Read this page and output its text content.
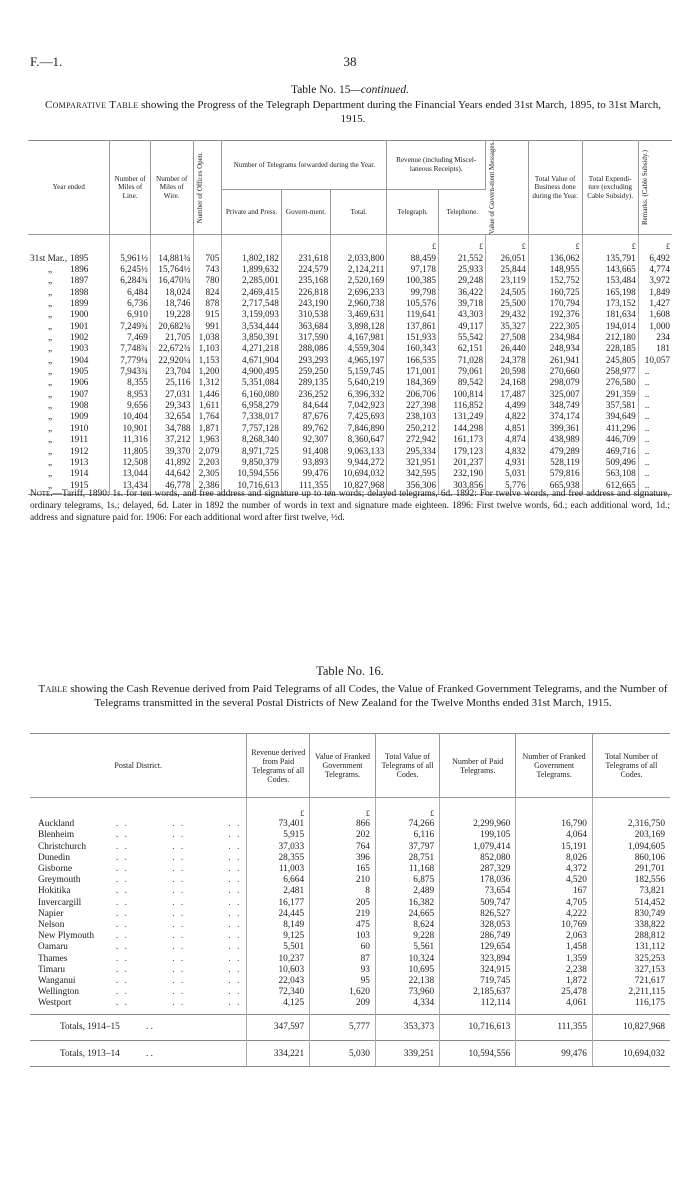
F.—1.	38
Table No. 15—continued.
Comparative Table showing the Progress of the Telegraph Department during the Financial Years ended 31st March, 1895, to 31st March, 1915.
Year ended	Number of Miles of Line.	Number of Miles of Wire.	Number of Offices Open.	Number of Telegrams forwarded during the Year.			Revenue (including Miscel-laneous Receipts).		Value of Govern-ment Messages.	Total Value of Business done during the Year.	Total Expendi-ture (excluding Cable Subsidy).	Remarks. (Cable Subsidy.)

				Private and Press.	Govern-ment.	Total.	Telegraph.	Telephone.				
							£	£	£	£	£	£
31st Mar., 1895	5,961½	14,881¾	705	1,802,182	231,618	2,033,800	88,459	21,552	26,051	136,062	135,791	6,492
„ 1896	6,245½	15,764½	743	1,899,632	224,579	2,124,211	97,178	25,933	25,844	148,955	143,665	4,774
„ 1897	6,284¾	16,470¾	780	2,285,001	235,168	2,520,169	100,385	29,248	23,119	152,752	153,484	3,972
„ 1898	6,484	18,024	824	2,469,415	226,818	2,696,233	99,798	36,422	24,505	160,725	165,198	1,849
„ 1899	6,736	18,746	878	2,717,548	243,190	2,960,738	105,576	39,718	25,500	170,794	173,152	1,427
„ 1900	6,910	19,228	915	3,159,093	310,538	3,469,631	119,641	43,303	29,432	192,376	181,634	1,608
„ 1901	7,249¾	20,682¾	991	3,534,444	363,684	3,898,128	137,861	49,117	35,327	222,305	194,014	1,000
„ 1902	7,469	21,705	1,038	3,850,391	317,590	4,167,981	151,933	55,542	27,508	234,984	212,180	234
„ 1903	7,748¾	22,672¾	1,103	4,271,218	288,086	4,559,304	160,343	62,151	26,440	248,934	228,185	181
„ 1904	7,779¼	22,920¼	1,153	4,671,904	293,293	4,965,197	166,535	71,028	24,378	261,941	245,805	10,057
„ 1905	7,943¾	23,704	1,200	4,900,495	259,250	5,159,745	171,001	79,061	20,598	270,660	258,977	..
„ 1906	8,355	25,116	1,312	5,351,084	289,135	5,640,219	184,369	89,542	24,168	298,079	276,580	..
„ 1907	8,953	27,031	1,446	6,160,080	236,252	6,396,332	206,706	100,814	17,487	325,007	291,359	..
„ 1908	9,656	29,343	1,611	6,958,279	84,644	7,042,923	227,398	116,852	4,499	348,749	357,581	..
„ 1909	10,404	32,654	1,764	7,338,017	87,676	7,425,693	238,103	131,249	4,822	374,174	394,649	..
„ 1910	10,901	34,788	1,871	7,757,128	89,762	7,846,890	250,212	144,298	4,851	399,361	411,296	..
„ 1911	11,316	37,212	1,963	8,268,340	92,307	8,360,647	272,942	161,173	4,874	438,989	446,709	..
„ 1912	11,805	39,370	2,079	8,971,725	91,408	9,063,133	295,334	179,123	4,832	479,289	469,716	..
„ 1913	12,508	41,892	2,203	9,850,379	93,893	9,944,272	321,951	201,237	4,931	528,119	509,496	..
„ 1914	13,044	44,642	2,305	10,594,556	99,476	10,694,032	342,595	232,190	5,031	579,816	563,108	..
„ 1915	13,434	46,778	2,386	10,716,613	111,355	10,827,968	356,306	303,856	5,776	665,938	612,665	..
Note.—Tariff, 1890: 1s. for ten words, and free address and signature up to ten words; delayed telegrams, 6d. 1892: For twelve words, and free address and signature, ordinary telegrams, 1s.; delayed, 6d. Later in 1892 the number of words in text and signature made eighteen. 1896: First twelve words, 6d.; each additional word, 1d.; address and signature paid for. 1906: For each additional word after first twelve, ½d.
Table No. 16.
Table showing the Cash Revenue derived from Paid Telegrams of all Codes, the Value of Franked Government Telegrams, and the Number of Telegrams transmitted in the several Postal Districts of New Zealand for the Twelve Months ended 31st March, 1915.
Postal District.	Revenue derived from Paid Telegrams of all Codes.	Value of Franked Government Telegrams.	Total Value of Telegrams of all Codes.	Number of Paid Telegrams.	Number of Franked Government Telegrams.	Total Number of Telegrams of all Codes.
	£	£	£			
Auckland . .          . .          . .	73,401	866	74,266	2,299,960	16,790	2,316,750
Blenheim . .          . .          . .	5,915	202	6,116	199,105	4,064	203,169
Christchurch . .          . .          . .	37,033	764	37,797	1,079,414	15,191	1,094,605
Dunedin . .          . .          . .	28,355	396	28,751	852,080	8,026	860,106
Gisborne . .          . .          . .	11,003	165	11,168	287,329	4,372	291,701
Greymouth . .          . .          . .	6,664	210	6,875	178,036	4,520	182,556
Hokitika . .          . .          . .	2,481	8	2,489	73,654	167	73,821
Invercargill . .          . .          . .	16,177	205	16,382	509,747	4,705	514,452
Napier . .          . .          . .	24,445	219	24,665	826,527	4,222	830,749
Nelson . .          . .          . .	8,149	475	8,624	328,053	10,769	338,822
New Plymouth . .          . .          . .	9,125	103	9,228	286,749	2,063	288,812
Oamaru . .          . .          . .	5,501	60	5,561	129,654	1,458	131,112
Thames . .          . .          . .	10,237	87	10,324	323,894	1,359	325,253
Timaru . .          . .          . .	10,603	93	10,695	324,915	2,238	327,153
Wanganui . .          . .          . .	22,043	95	22,138	719,745	1,872	721,617
Wellington . .          . .          . .	72,340	1,620	73,960	2,185,637	25,478	2,211,115
Westport . .          . .          . .	4,125	209	4,334	112,114	4,061	116,175
Totals, 1914–15 . .	347,597	5,777	353,373	10,716,613	111,355	10,827,968
Totals, 1913–14 . .	334,221	5,030	339,251	10,594,556	99,476	10,694,032
